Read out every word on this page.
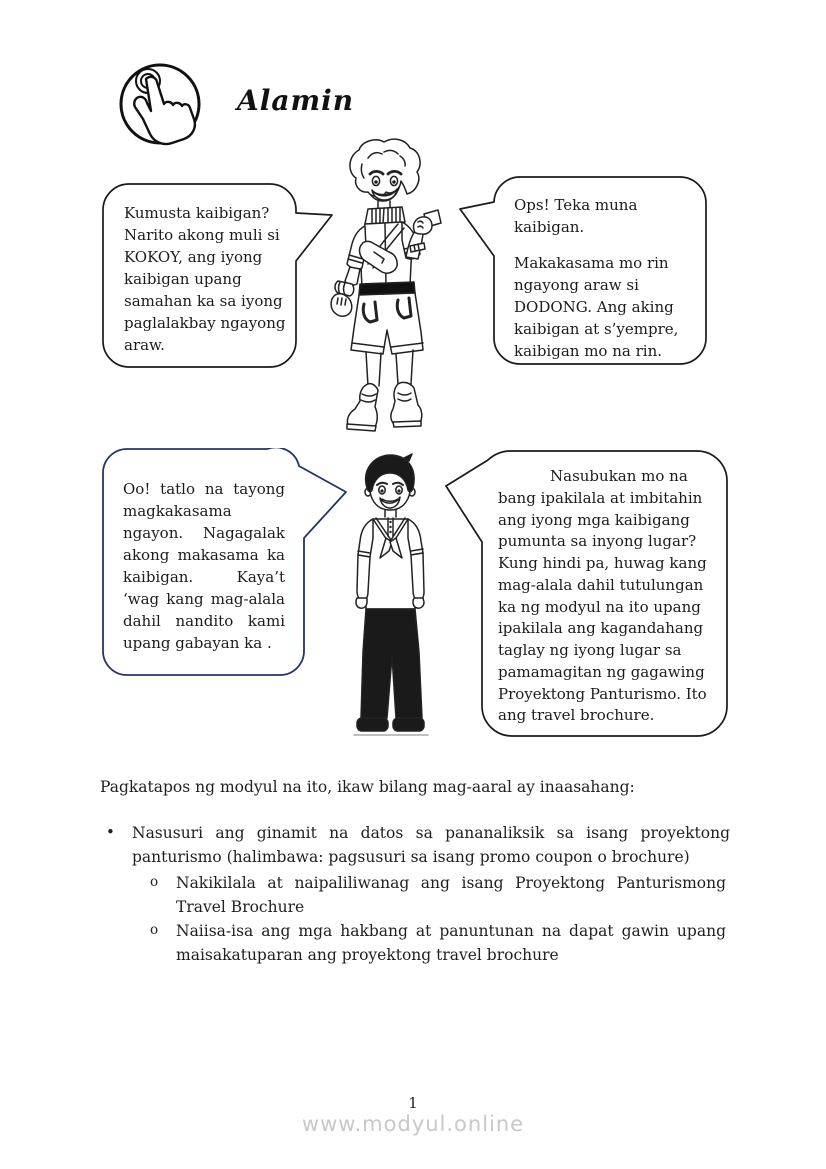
Alamin

Kumusta kaibigan? Narito akong muli si KOKOY, ang iyong kaibigan upang samahan ka sa iyong paglalakbay ngayong araw.

Ops! Teka muna kaibigan.

Makakasama mo rin ngayong araw si DODONG. Ang aking kaibigan at s’yempre, kaibigan mo na rin.

Oo! tatlo na tayong magkakasama ngayon. Nagagalak akong makasama ka kaibigan. Kaya’t ‘wag kang mag-alala dahil nandito kami upang gabayan ka .

Nasubukan mo na bang ipakilala at imbitahin ang iyong mga kaibigang pumunta sa inyong lugar? Kung hindi pa, huwag kang mag-alala dahil tutulungan ka ng modyul na ito upang ipakilala ang kagandahang taglay ng iyong lugar sa pamamagitan ng gagawing Proyektong Panturismo. Ito ang travel brochure.

Pagkatapos ng modyul na ito, ikaw bilang mag-aaral ay inaasahang:

•	Nasusuri ang ginamit na datos sa pananaliksik sa isang proyektong panturismo (halimbawa: pagsusuri sa isang promo coupon o brochure)
o	Nakikilala at naipaliliwanag ang isang Proyektong Panturismong Travel Brochure
o	Naiisa-isa ang mga hakbang at panuntunan na dapat gawin upang maisakatuparan ang proyektong travel brochure
1
www.modyul.online
